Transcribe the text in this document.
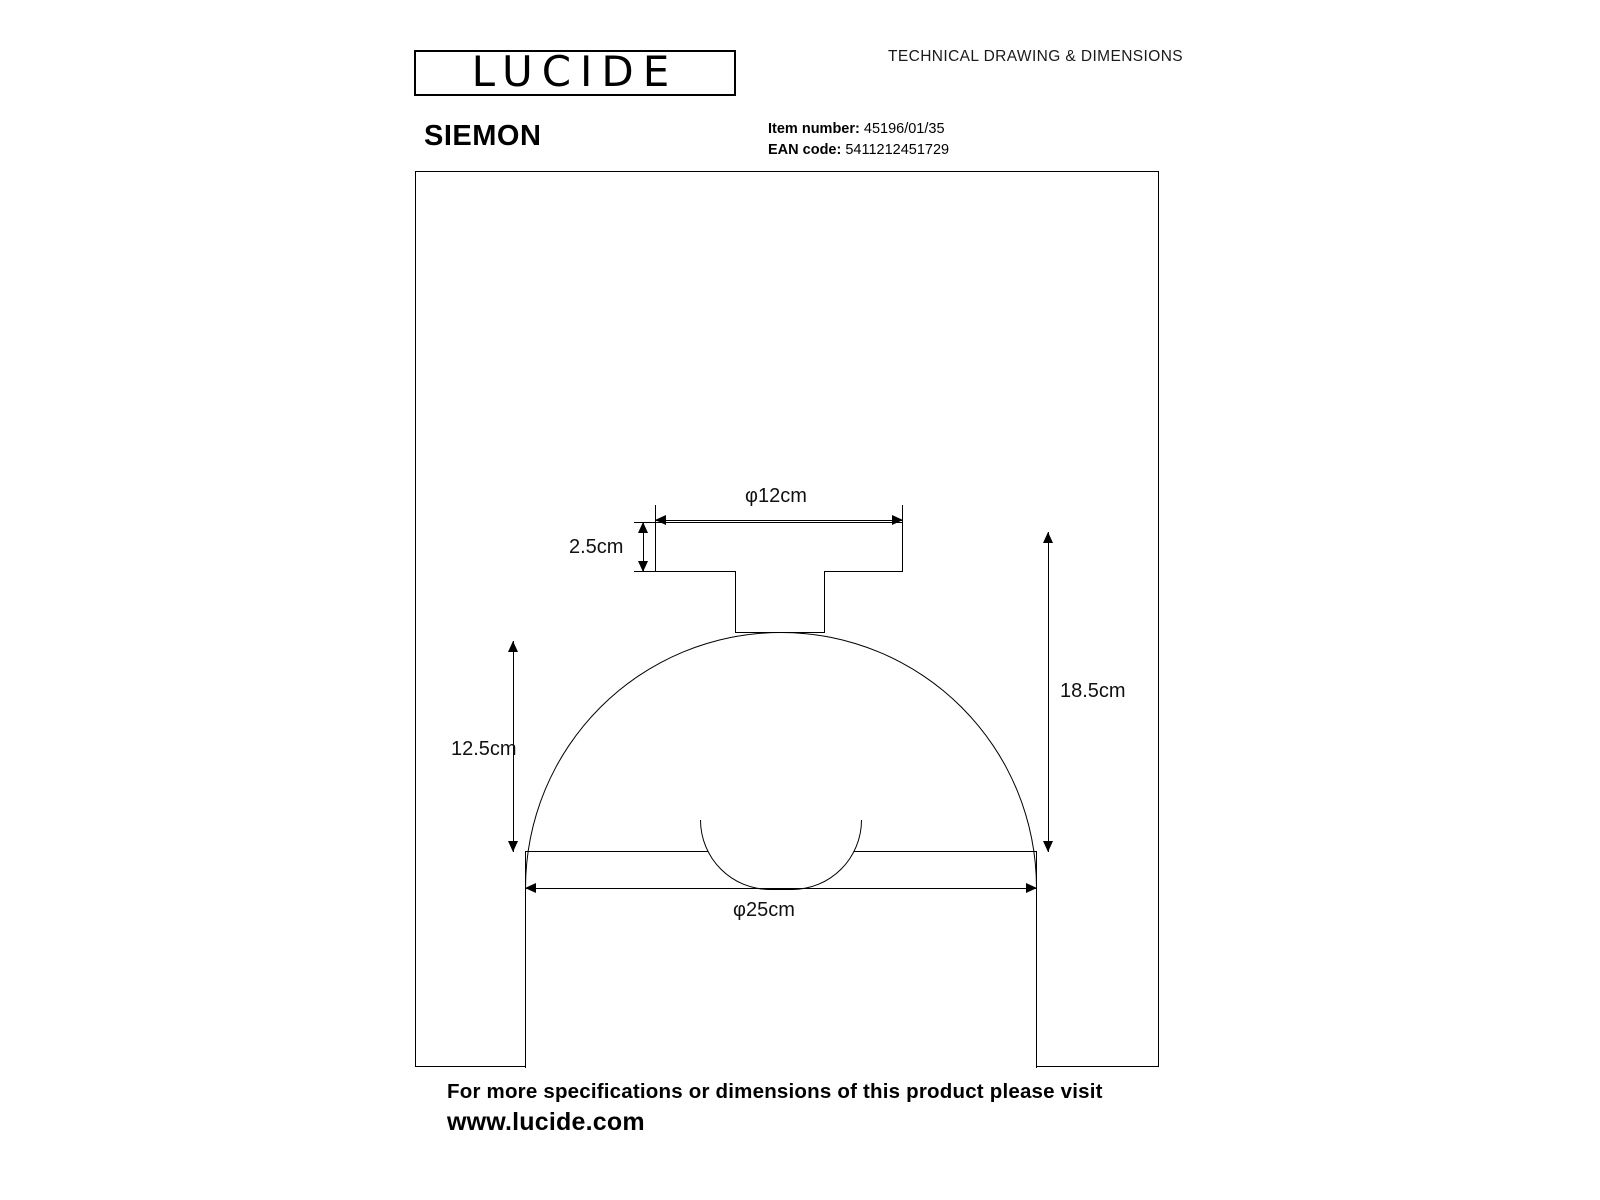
LUCIDE	TECHNICAL DRAWING & DIMENSIONS
SIEMON	Item number: 45196/01/35
EAN code: 5411212451729
φ12cm
2.5cm
12.5cm
18.5cm
φ25cm
For more specifications or dimensions of this product please visit
www.lucide.com
